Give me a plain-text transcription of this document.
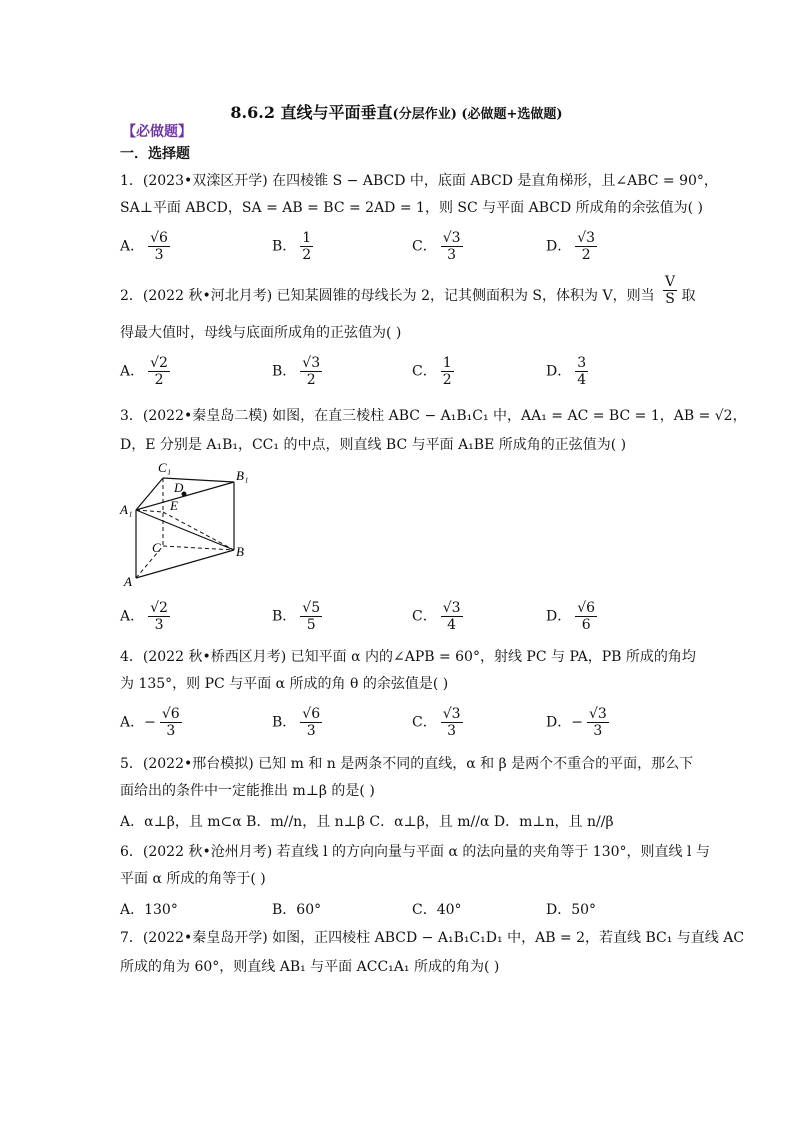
8.6.2 直线与平面垂直(分层作业) (必做题+选做题)
【必做题】
一．选择题
1．(2023•双滦区开学) 在四棱锥 S − ABCD 中，底面 ABCD 是直角梯形，且∠ABC = 90°，
SA⊥平面 ABCD，SA = AB = BC = 2AD = 1，则 SC 与平面 ABCD 所成角的余弦值为( )
A． $\frac{√6}{3}$	B． $\frac{1}{2}$	C． $\frac{√3}{3}$	D． $\frac{√3}{2}$
2．(2022 秋•河北月考) 已知某圆锥的母线长为 2，记其侧面积为 S，体积为 V，则当 $\frac{V}{S}$ 取
得最大值时，母线与底面所成角的正弦值为( )
A． $\frac{√2}{2}$	B． $\frac{√3}{2}$	C． $\frac{1}{2}$	D． $\frac{3}{4}$
3．(2022•秦皇岛二模) 如图，在直三棱柱 ABC − A₁B₁C₁ 中，AA₁ = AC = BC = 1，AB = √2，
D，E 分别是 A₁B₁，CC₁ 的中点，则直线 BC 与平面 A₁BE 所成角的正弦值为( )
C₁
B₁
D
A₁	E
C	B
A
A． $\frac{√2}{3}$	B． $\frac{√5}{5}$	C． $\frac{√3}{4}$	D． $\frac{√6}{6}$
4．(2022 秋•桥西区月考) 已知平面 α 内的∠APB = 60°，射线 PC 与 PA，PB 所成的角均
为 135°，则 PC 与平面 α 所成的角 θ 的余弦值是( )
A．− $\frac{√6}{3}$	B． $\frac{√6}{3}$	C． $\frac{√3}{3}$	D．− $\frac{√3}{3}$
5．(2022•邢台模拟) 已知 m 和 n 是两条不同的直线，α 和 β 是两个不重合的平面，那么下
面给出的条件中一定能推出 m⊥β 的是( )
A．α⊥β，且 m⊂α B．m//n，且 n⊥β C．α⊥β，且 m//α D．m⊥n，且 n//β
6．(2022 秋•沧州月考) 若直线 l 的方向向量与平面 α 的法向量的夹角等于 130°，则直线 l 与
平面 α 所成的角等于( )
A．130°	B．60°	C．40°	D．50°
7．(2022•秦皇岛开学) 如图，正四棱柱 ABCD − A₁B₁C₁D₁ 中，AB = 2，若直线 BC₁ 与直线 AC
所成的角为 60°，则直线 AB₁ 与平面 ACC₁A₁ 所成的角为( )
